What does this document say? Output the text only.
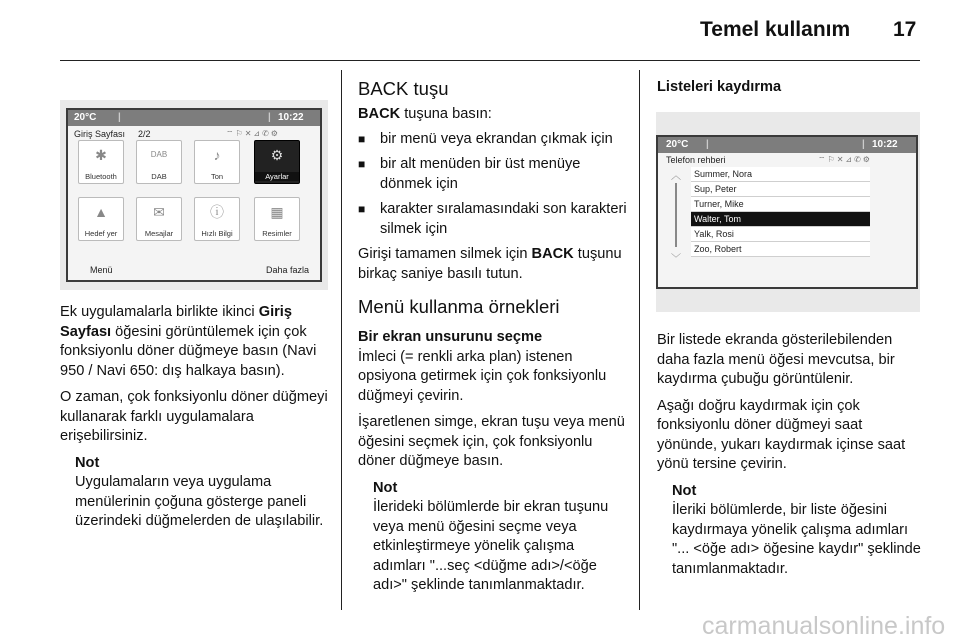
Temel kullanım 17
20°C |	| 10:22
Giriş Sayfası 2/2	⌔⚐✕⊿✆⚙
✱
Bluetooth
DAB
DAB
♪
Ton
⚙
Ayarlar
▲
Hedef yer
✉
Mesajlar
ⓘ
Hızlı Bilgi
▦
Resimler
Menü	Daha fazla

Ek uygulamalarla birlikte ikinci Giriş Sayfası öğesini görüntülemek için çok fonksiyonlu döner düğmeye basın (Navi 950 / Navi 650: dış halkaya basın).

O zaman, çok fonksiyonlu döner düğmeyi kullanarak farklı uygulamalara erişebilirsiniz.

Not
Uygulamaların veya uygulama menülerinin çoğuna gösterge paneli üzerindeki düğmelerden de ulaşılabilir.
BACK tuşu

BACK tuşuna basın:

■ bir menü veya ekrandan çıkmak için
■ bir alt menüden bir üst menüye dönmek için
■ karakter sıralamasındaki son karakteri silmek için

Girişi tamamen silmek için BACK tuşunu birkaç saniye basılı tutun.

Menü kullanma örnekleri
Bir ekran unsurunu seçme

İmleci (= renkli arka plan) istenen opsiyona getirmek için çok fonksiyonlu düğmeyi çevirin.

İşaretlenen simge, ekran tuşu veya menü öğesini seçmek için, çok fonksiyonlu döner düğmeye basın.

Not
İlerideki bölümlerde bir ekran tuşunu veya menü öğesini seçme veya etkinleştirmeye yönelik çalışma adımları "...seç <düğme adı>/<öğe adı>" şeklinde tanımlanmaktadır.
Listeleri kaydırma
20°C |	| 10:22
Telefon rehberi	⌔⚐✕⊿✆⚙
︿
﹀
Summer, Nora
Sup, Peter
Turner, Mike
Walter, Tom
Yalk, Rosi
Zoo, Robert

Bir listede ekranda gösterilebilenden daha fazla menü öğesi mevcutsa, bir kaydırma çubuğu görüntülenir.

Aşağı doğru kaydırmak için çok fonksiyonlu döner düğmeyi saat yönünde, yukarı kaydırmak içinse saat yönü tersine çevirin.

Not
İleriki bölümlerde, bir liste öğesini kaydırmaya yönelik çalışma adımları "... <öğe adı> öğesine kaydır" şeklinde tanımlanmaktadır.
carmanualsonline.info
